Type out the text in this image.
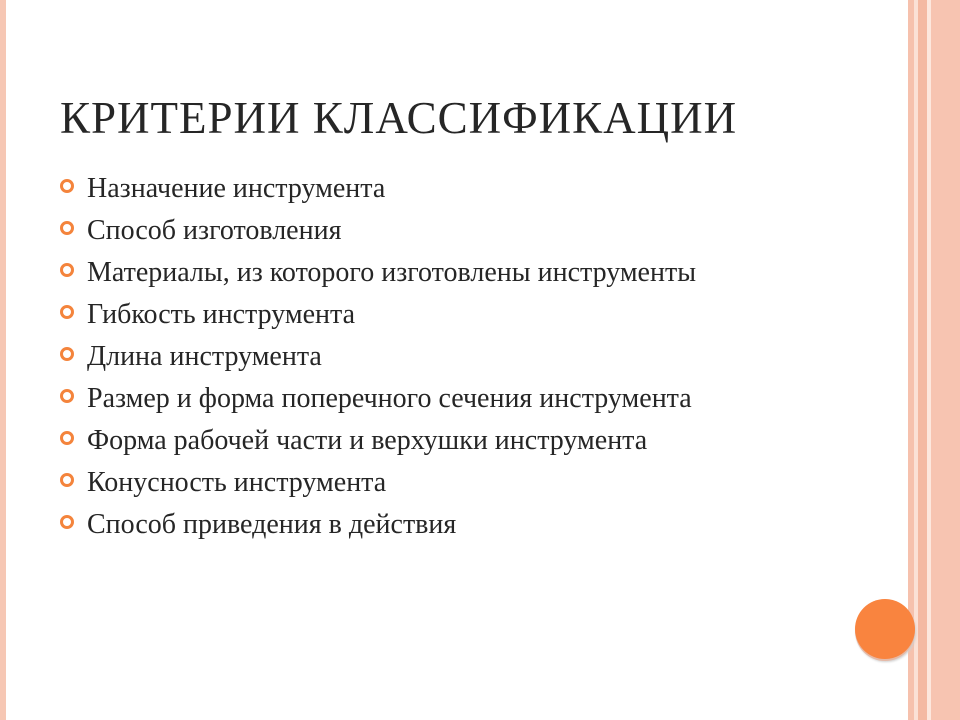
КРИТЕРИИ КЛАССИФИКАЦИИ
Назначение инструмента
Способ изготовления
Материалы, из которого изготовлены инструменты
Гибкость инструмента
Длина инструмента
Размер и форма поперечного сечения инструмента
Форма рабочей части и верхушки инструмента
Конусность инструмента
Способ приведения в действия
